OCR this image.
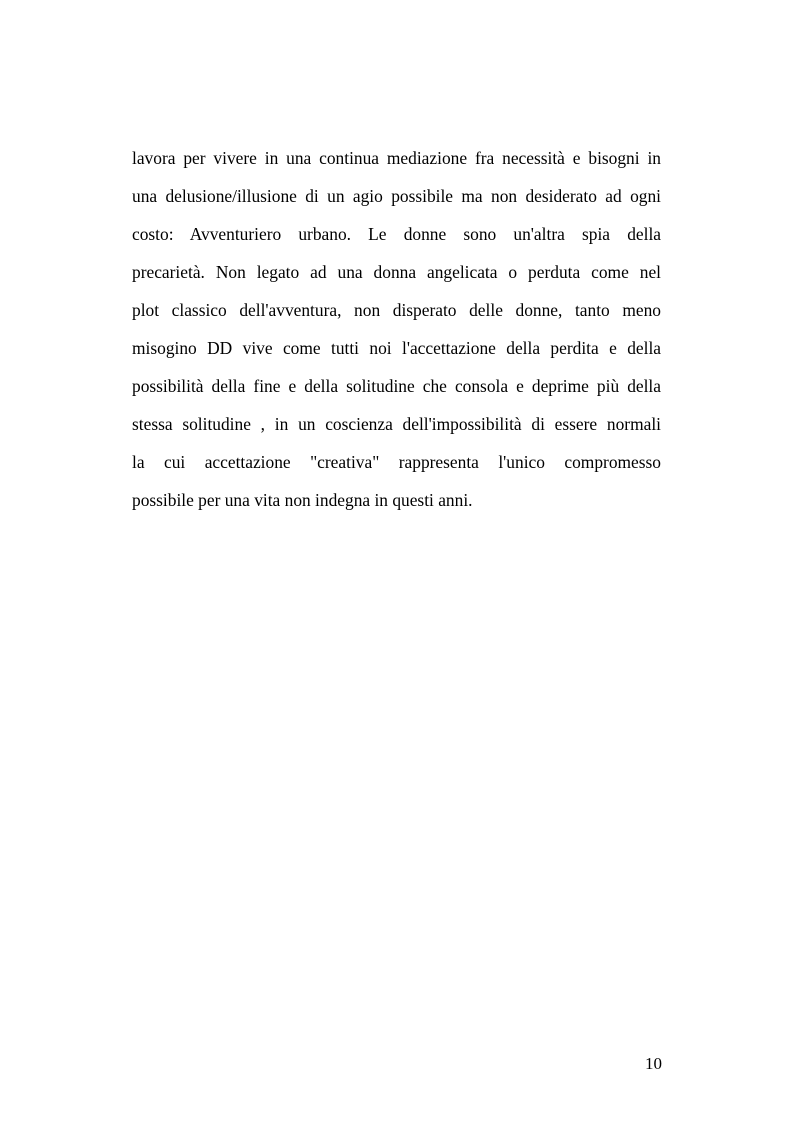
lavora per vivere in una continua mediazione fra necessità e bisogni in
una delusione/illusione di un agio possibile ma non desiderato ad ogni
costo: Avventuriero urbano. Le donne sono un'altra spia della
precarietà. Non legato ad una donna angelicata o perduta come nel
plot classico dell'avventura, non disperato delle donne, tanto meno
misogino DD vive come tutti noi l'accettazione della perdita e della
possibilità della fine e della solitudine che consola e deprime più della
stessa solitudine , in un coscienza dell'impossibilità di essere normali
la cui accettazione "creativa" rappresenta l'unico compromesso
possibile per una vita non indegna in questi anni.
10
